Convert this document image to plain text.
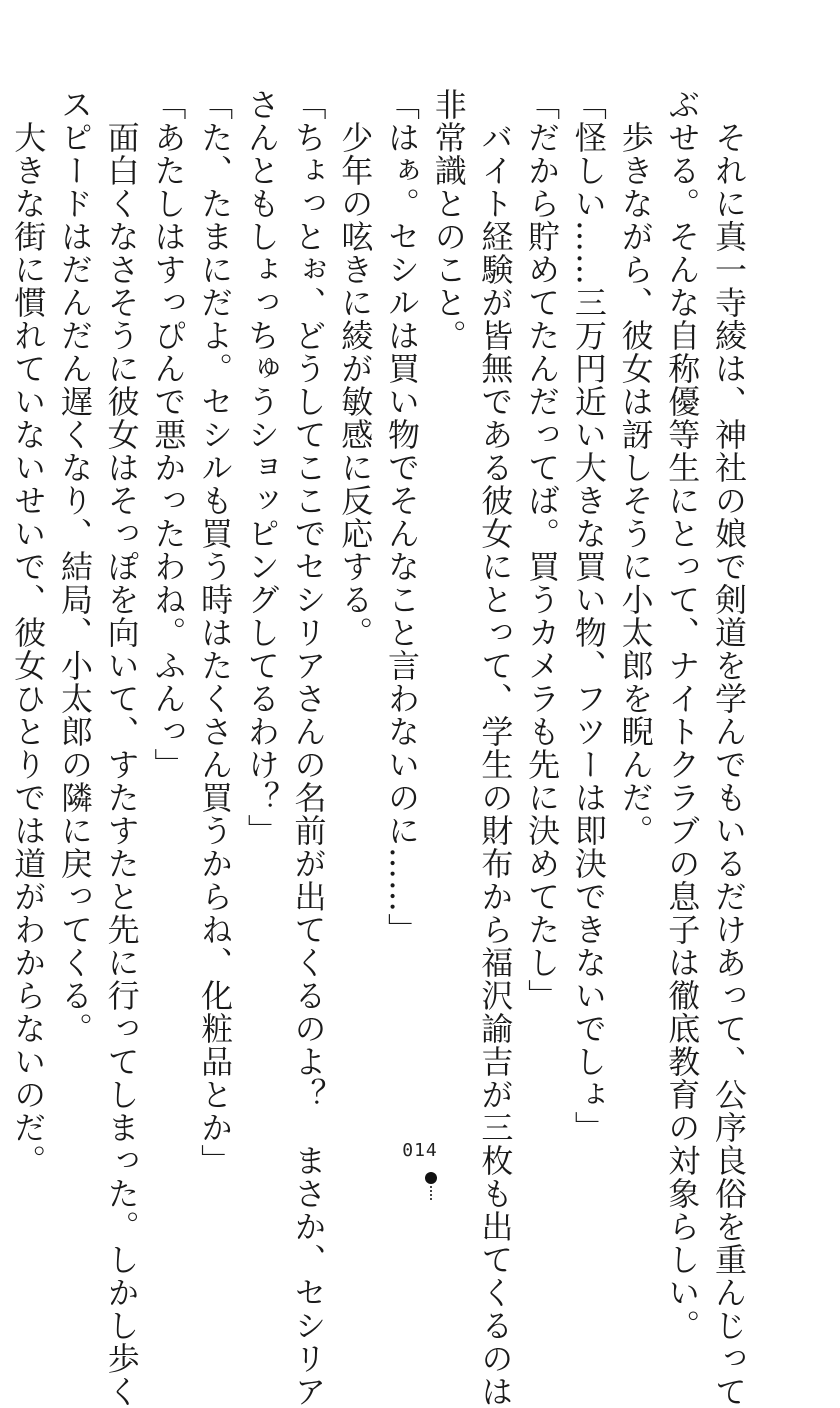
　それに真一寺綾は、神社の娘で剣道を学んでもいるだけあって、公序良俗を重んじって
ぶせる。そんな自称優等生にとって、ナイトクラブの息子は徹底教育の対象らしい。
　歩きながら、彼女は訝しそうに小太郎を睨んだ。
「怪しい……三万円近い大きな買い物、フツーは即決できないでしょ」
「だから貯めてたんだってば。買うカメラも先に決めてたし」
　バイト経験が皆無である彼女にとって、学生の財布から福沢諭吉が三枚も出てくるのは
非常識とのこと。
「はぁ。セシルは買い物でそんなこと言わないのに……」
　少年の呟きに綾が敏感に反応する。
「ちょっとぉ、どうしてここでセシリアさんの名前が出てくるのよ？　まさか、セシリア
さんともしょっちゅうショッピングしてるわけ？」
「た、たまにだよ。セシルも買う時はたくさん買うからね、化粧品とか」
「あたしはすっぴんで悪かったわね。ふんっ」
　面白くなさそうに彼女はそっぽを向いて、すたすたと先に行ってしまった。しかし歩く
スピードはだんだん遅くなり、結局、小太郎の隣に戻ってくる。
　大きな街に慣れていないせいで、彼女ひとりでは道がわからないのだ。	014
